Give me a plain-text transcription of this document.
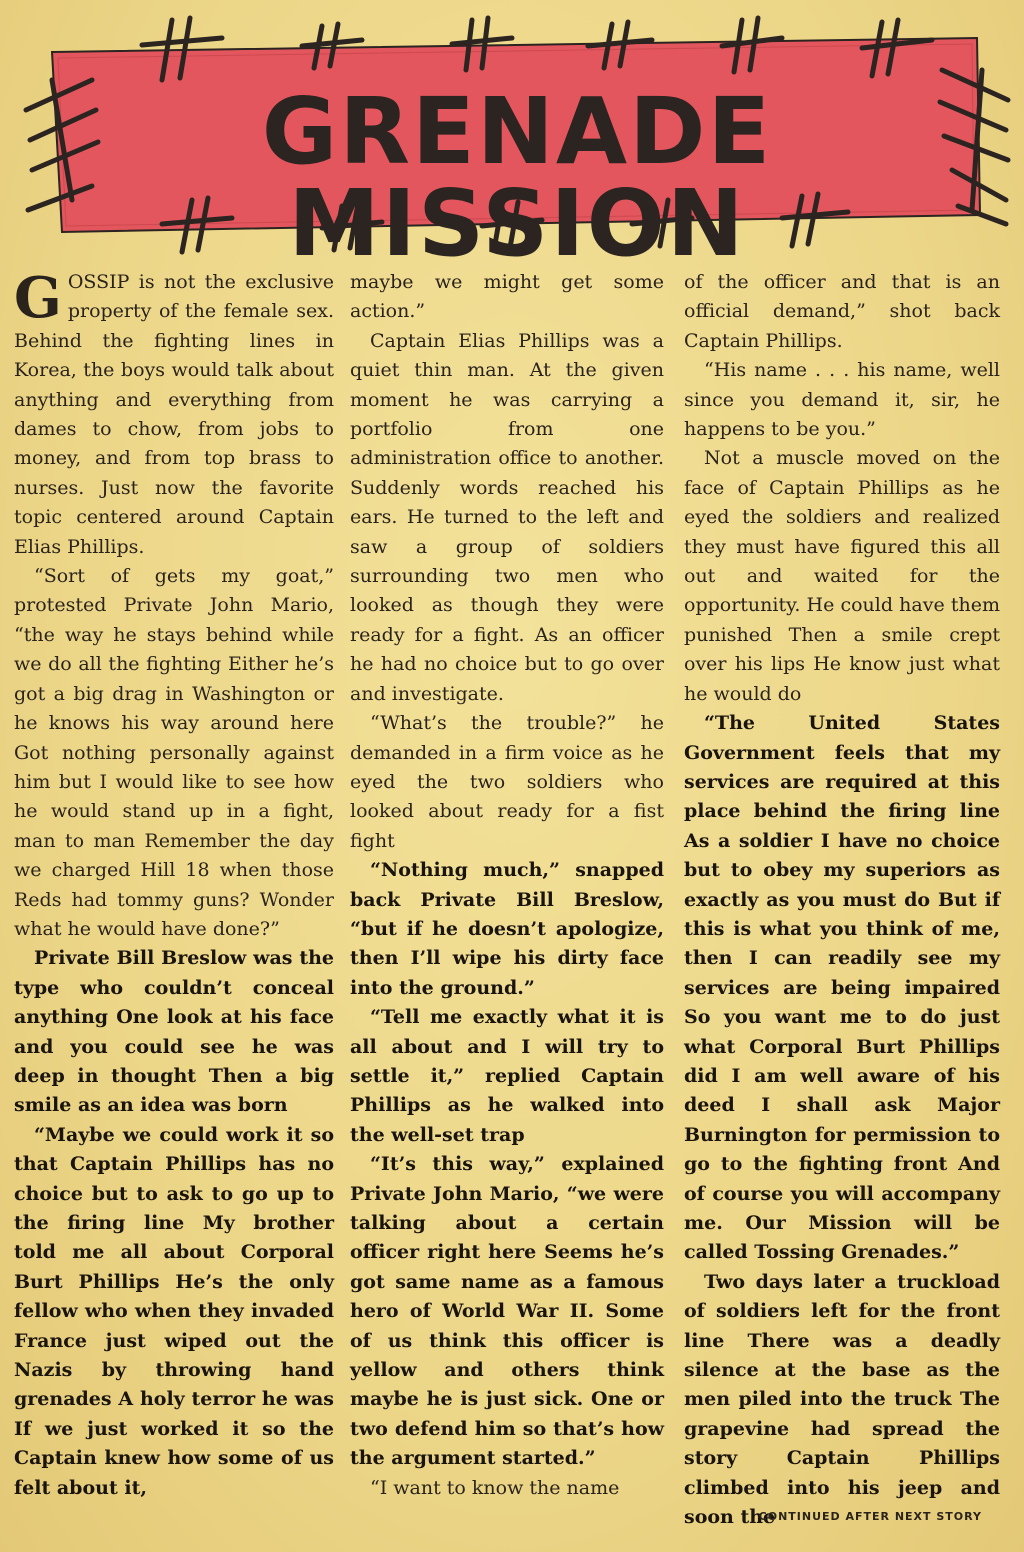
GRENADE MISSION

GOSSIP is not the exclusive property of the female sex. Behind the fighting lines in Korea, the boys would talk about anything and everything from dames to chow, from jobs to money, and from top brass to nurses. Just now the favorite topic centered around Captain Elias Phillips.

“Sort of gets my goat,” protested Private John Mario, “the way he stays behind while we do all the fighting Either he’s got a big drag in Washington or he knows his way around here Got nothing personally against him but I would like to see how he would stand up in a fight, man to man Remember the day we charged Hill 18 when those Reds had tommy guns? Wonder what he would have done?”

Private Bill Breslow was the type who couldn’t conceal anything One look at his face and you could see he was deep in thought Then a big smile as an idea was born

“Maybe we could work it so that Captain Phillips has no choice but to ask to go up to the firing line My brother told me all about Corporal Burt Phillips He’s the only fellow who when they invaded France just wiped out the Nazis by throwing hand grenades A holy terror he was If we just worked it so the Captain knew how some of us felt about it,

maybe we might get some action.”

Captain Elias Phillips was a quiet thin man. At the given moment he was carrying a portfolio from one administration office to another. Suddenly words reached his ears. He turned to the left and saw a group of soldiers surrounding two men who looked as though they were ready for a fight. As an officer he had no choice but to go over and investigate.

“What’s the trouble?” he demanded in a firm voice as he eyed the two soldiers who looked about ready for a fist fight

“Nothing much,” snapped back Private Bill Breslow, “but if he doesn’t apologize, then I’ll wipe his dirty face into the ground.”

“Tell me exactly what it is all about and I will try to settle it,” replied Captain Phillips as he walked into the well-set trap

“It’s this way,” explained Private John Mario, “we were talking about a certain officer right here Seems he’s got same name as a famous hero of World War II. Some of us think this officer is yellow and others think maybe he is just sick. One or two defend him so that’s how the argument started.”

“I want to know the name

of the officer and that is an official demand,” shot back Captain Phillips.

“His name . . . his name, well since you demand it, sir, he happens to be you.”

Not a muscle moved on the face of Captain Phillips as he eyed the soldiers and realized they must have figured this all out and waited for the opportunity. He could have them punished Then a smile crept over his lips He know just what he would do

“The United States Government feels that my services are required at this place behind the firing line As a soldier I have no choice but to obey my superiors as exactly as you must do But if this is what you think of me, then I can readily see my services are being impaired So you want me to do just what Corporal Burt Phillips did I am well aware of his deed I shall ask Major Burnington for permission to go to the fighting front And of course you will accompany me. Our Mission will be called Tossing Grenades.”

Two days later a truckload of soldiers left for the front line There was a deadly silence at the base as the men piled into the truck The grapevine had spread the story Captain Phillips climbed into his jeep and soon the

CONTINUED AFTER NEXT STORY
